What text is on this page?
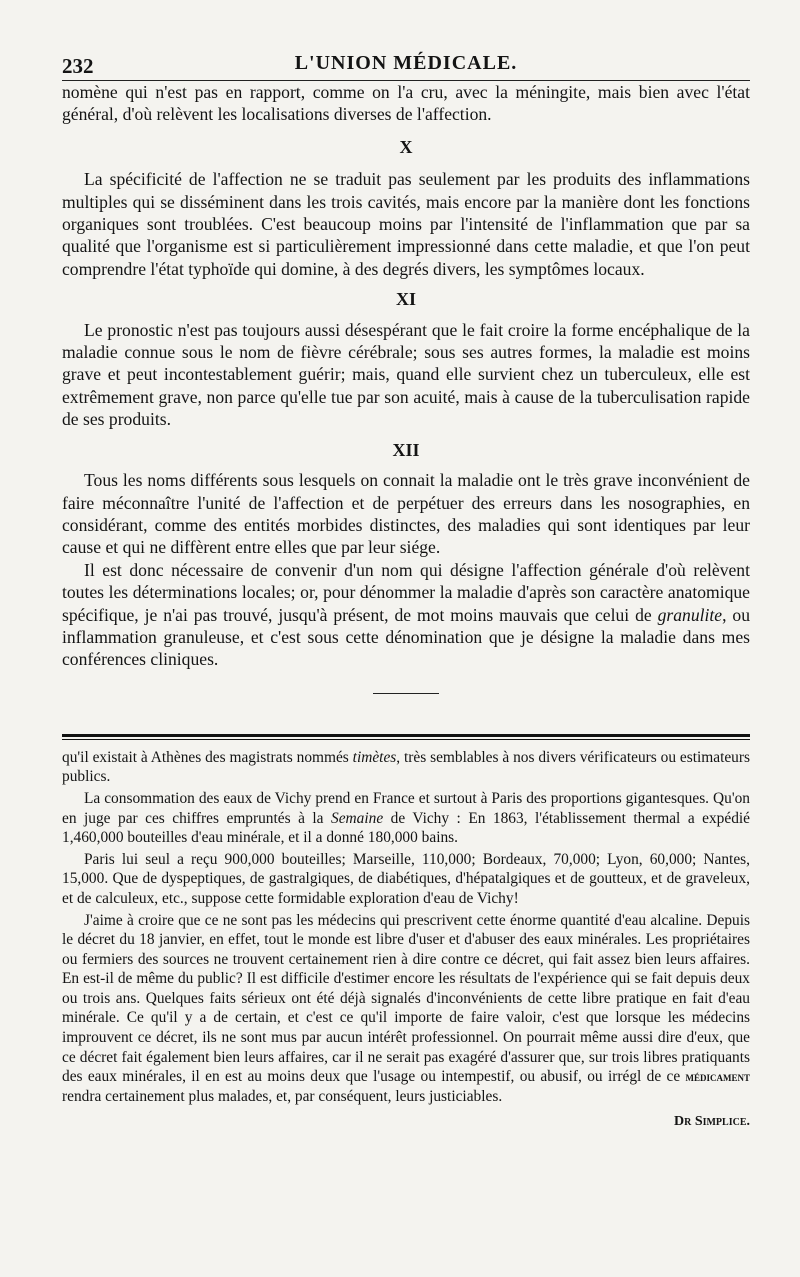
232	L'UNION MÉDICALE.

nomène qui n'est pas en rapport, comme on l'a cru, avec la méningite, mais bien avec l'état général, d'où relèvent les localisations diverses de l'affection.

X

La spécificité de l'affection ne se traduit pas seulement par les produits des inflammations multiples qui se disséminent dans les trois cavités, mais encore par la manière dont les fonctions organiques sont troublées. C'est beaucoup moins par l'intensité de l'inflammation que par sa qualité que l'organisme est si particulièrement impressionné dans cette maladie, et que l'on peut comprendre l'état typhoïde qui domine, à des degrés divers, les symptômes locaux.

XI

Le pronostic n'est pas toujours aussi désespérant que le fait croire la forme encéphalique de la maladie connue sous le nom de fièvre cérébrale; sous ses autres formes, la maladie est moins grave et peut incontestablement guérir; mais, quand elle survient chez un tuberculeux, elle est extrêmement grave, non parce qu'elle tue par son acuité, mais à cause de la tuberculisation rapide de ses produits.

XII

Tous les noms différents sous lesquels on connait la maladie ont le très grave inconvénient de faire méconnaître l'unité de l'affection et de perpétuer des erreurs dans les nosographies, en considérant, comme des entités morbides distinctes, des maladies qui sont identiques par leur cause et qui ne diffèrent entre elles que par leur siége.

Il est donc nécessaire de convenir d'un nom qui désigne l'affection générale d'où relèvent toutes les déterminations locales; or, pour dénommer la maladie d'après son caractère anatomique spécifique, je n'ai pas trouvé, jusqu'à présent, de mot moins mauvais que celui de granulite, ou inflammation granuleuse, et c'est sous cette dénomination que je désigne la maladie dans mes conférences cliniques.

qu'il existait à Athènes des magistrats nommés timètes, très semblables à nos divers vérificateurs ou estimateurs publics.

La consommation des eaux de Vichy prend en France et surtout à Paris des proportions gigantesques. Qu'on en juge par ces chiffres empruntés à la Semaine de Vichy : En 1863, l'établissement thermal a expédié 1,460,000 bouteilles d'eau minérale, et il a donné 180,000 bains.

Paris lui seul a reçu 900,000 bouteilles; Marseille, 110,000; Bordeaux, 70,000; Lyon, 60,000; Nantes, 15,000. Que de dyspeptiques, de gastralgiques, de diabétiques, d'hépatalgiques et de goutteux, et de graveleux, et de calculeux, etc., suppose cette formidable exploration d'eau de Vichy!

J'aime à croire que ce ne sont pas les médecins qui prescrivent cette énorme quantité d'eau alcaline. Depuis le décret du 18 janvier, en effet, tout le monde est libre d'user et d'abuser des eaux minérales. Les propriétaires ou fermiers des sources ne trouvent certainement rien à dire contre ce décret, qui fait assez bien leurs affaires. En est-il de même du public? Il est difficile d'estimer encore les résultats de l'expérience qui se fait depuis deux ou trois ans. Quelques faits sérieux ont été déjà signalés d'inconvénients de cette libre pratique en fait d'eau minérale. Ce qu'il y a de certain, et c'est ce qu'il importe de faire valoir, c'est que lorsque les médecins improuvent ce décret, ils ne sont mus par aucun intérêt professionnel. On pourrait même aussi dire d'eux, que ce décret fait également bien leurs affaires, car il ne serait pas exagéré d'assurer que, sur trois libres pratiquants des eaux minérales, il en est au moins deux que l'usage ou intempestif, ou abusif, ou irrégl de ce médicament rendra certainement plus malades, et, par conséquent, leurs justiciables.

Dr Simplice.
